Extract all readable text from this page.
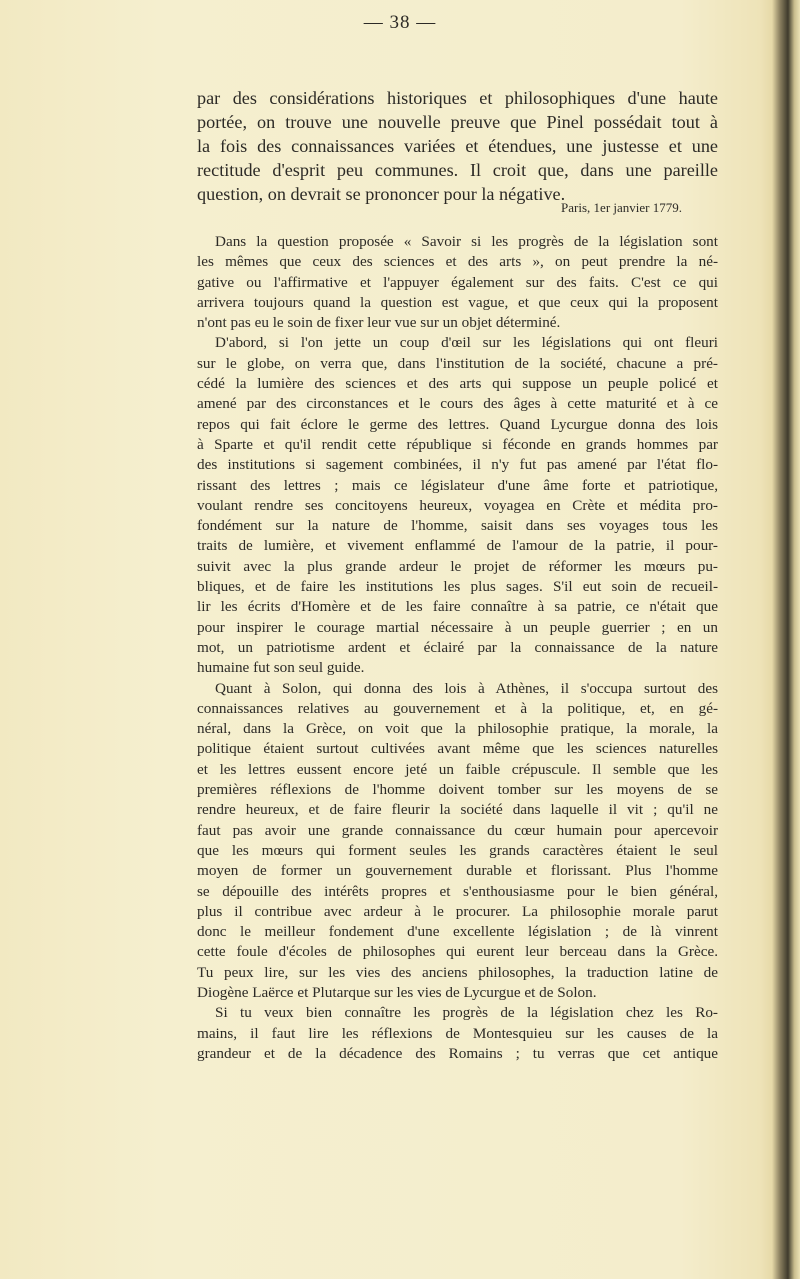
— 38 —
par des considérations historiques et philosophiques d'une haute
portée, on trouve une nouvelle preuve que Pinel possédait tout à
la fois des connaissances variées et étendues, une justesse et une
rectitude d'esprit peu communes. Il croit que, dans une pareille
question, on devrait se prononcer pour la négative.
Paris, 1er janvier 1779.
Dans la question proposée « Savoir si les progrès de la législation sont
les mêmes que ceux des sciences et des arts », on peut prendre la né-
gative ou l'affirmative et l'appuyer également sur des faits. C'est ce qui
arrivera toujours quand la question est vague, et que ceux qui la proposent
n'ont pas eu le soin de fixer leur vue sur un objet déterminé.
D'abord, si l'on jette un coup d'œil sur les législations qui ont fleuri
sur le globe, on verra que, dans l'institution de la société, chacune a pré-
cédé la lumière des sciences et des arts qui suppose un peuple policé et
amené par des circonstances et le cours des âges à cette maturité et à ce
repos qui fait éclore le germe des lettres. Quand Lycurgue donna des lois
à Sparte et qu'il rendit cette république si féconde en grands hommes par
des institutions si sagement combinées, il n'y fut pas amené par l'état flo-
rissant des lettres ; mais ce législateur d'une âme forte et patriotique,
voulant rendre ses concitoyens heureux, voyagea en Crète et médita pro-
fondément sur la nature de l'homme, saisit dans ses voyages tous les
traits de lumière, et vivement enflammé de l'amour de la patrie, il pour-
suivit avec la plus grande ardeur le projet de réformer les mœurs pu-
bliques, et de faire les institutions les plus sages. S'il eut soin de recueil-
lir les écrits d'Homère et de les faire connaître à sa patrie, ce n'était que
pour inspirer le courage martial nécessaire à un peuple guerrier ; en un
mot, un patriotisme ardent et éclairé par la connaissance de la nature
humaine fut son seul guide.
Quant à Solon, qui donna des lois à Athènes, il s'occupa surtout des
connaissances relatives au gouvernement et à la politique, et, en gé-
néral, dans la Grèce, on voit que la philosophie pratique, la morale, la
politique étaient surtout cultivées avant même que les sciences naturelles
et les lettres eussent encore jeté un faible crépuscule. Il semble que les
premières réflexions de l'homme doivent tomber sur les moyens de se
rendre heureux, et de faire fleurir la société dans laquelle il vit ; qu'il ne
faut pas avoir une grande connaissance du cœur humain pour apercevoir
que les mœurs qui forment seules les grands caractères étaient le seul
moyen de former un gouvernement durable et florissant. Plus l'homme
se dépouille des intérêts propres et s'enthousiasme pour le bien général,
plus il contribue avec ardeur à le procurer. La philosophie morale parut
donc le meilleur fondement d'une excellente législation ; de là vinrent
cette foule d'écoles de philosophes qui eurent leur berceau dans la Grèce.
Tu peux lire, sur les vies des anciens philosophes, la traduction latine de
Diogène Laërce et Plutarque sur les vies de Lycurgue et de Solon.
Si tu veux bien connaître les progrès de la législation chez les Ro-
mains, il faut lire les réflexions de Montesquieu sur les causes de la
grandeur et de la décadence des Romains ; tu verras que cet antique
